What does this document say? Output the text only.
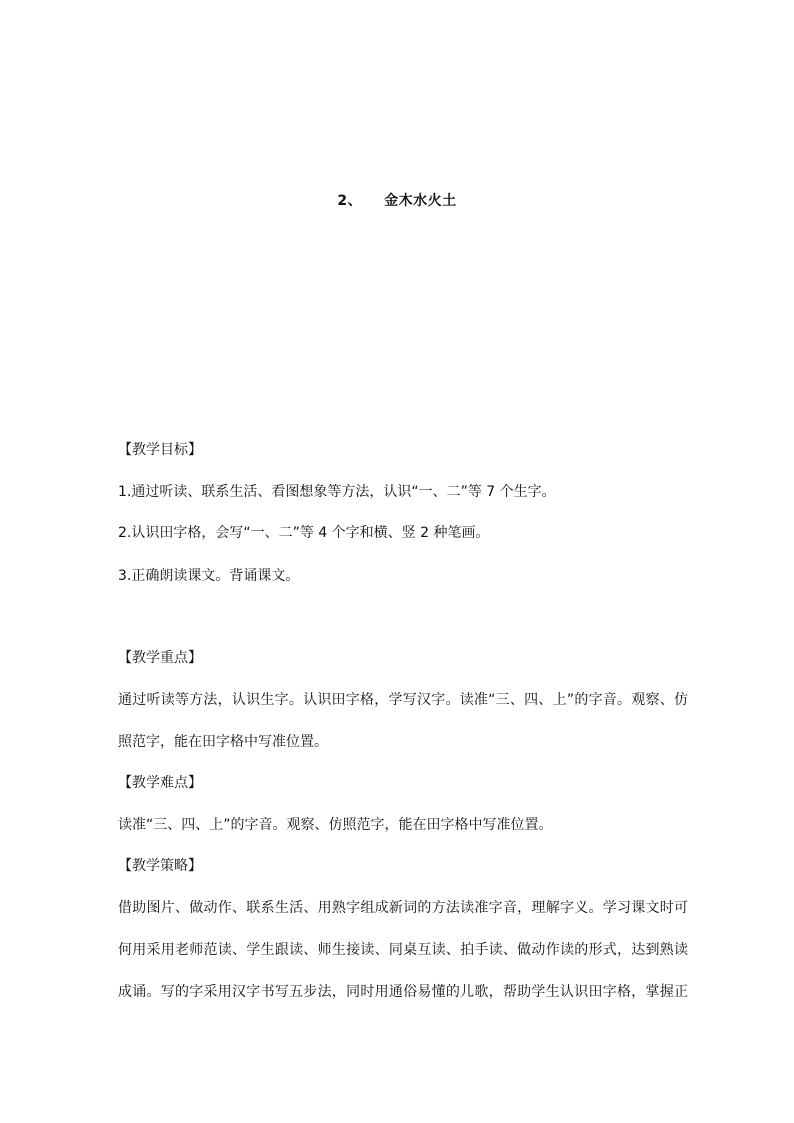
2、 金木水火土
【教学目标】
1.通过听读、联系生活、看图想象等方法，认识“一、二”等 7 个生字。
2.认识田字格，会写“一、二”等 4 个字和横、竖 2 种笔画。
3.正确朗读课文。背诵课文。
【教学重点】
通过听读等方法，认识生字。认识田字格，学写汉字。读准“三、四、上”的字音。观察、仿
照范字，能在田字格中写准位置。
【教学难点】
读准“三、四、上”的字音。观察、仿照范字，能在田字格中写准位置。
【教学策略】
借助图片、做动作、联系生活、用熟字组成新词的方法读准字音，理解字义。学习课文时可
何用采用老师范读、学生跟读、师生接读、同桌互读、拍手读、做动作读的形式，达到熟读
成诵。写的字采用汉字书写五步法，同时用通俗易懂的儿歌，帮助学生认识田字格，掌握正
